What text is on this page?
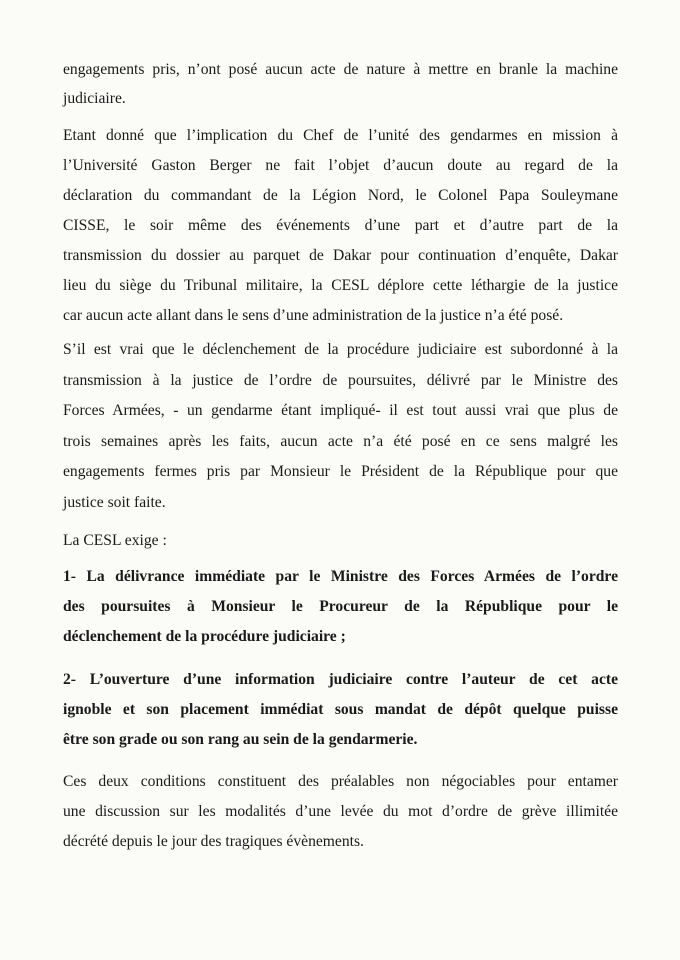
engagements pris, n’ont posé aucun acte de nature à mettre en branle la machine
judiciaire.

Etant donné que l’implication du Chef de l’unité des gendarmes en mission à
l’Université Gaston Berger ne fait l’objet d’aucun doute au regard de la
déclaration du commandant de la Légion Nord, le Colonel Papa Souleymane
CISSE, le soir même des événements d’une part et d’autre part de la
transmission du dossier au parquet de Dakar pour continuation d’enquête, Dakar
lieu du siège du Tribunal militaire, la CESL déplore cette léthargie de la justice
car aucun acte allant dans le sens d’une administration de la justice n’a été posé.

S’il est vrai que le déclenchement de la procédure judiciaire est subordonné à la
transmission à la justice de l’ordre de poursuites, délivré par le Ministre des
Forces Armées, - un gendarme étant impliqué- il est tout aussi vrai que plus de
trois semaines après les faits, aucun acte n’a été posé en ce sens malgré les
engagements fermes pris par Monsieur le Président de la République pour que
justice soit faite.

La CESL exige :

1- La délivrance immédiate par le Ministre des Forces Armées de l’ordre
des poursuites à Monsieur le Procureur de la République pour le
déclenchement de la procédure judiciaire ;

2- L’ouverture d’une information judiciaire contre l’auteur de cet acte
ignoble et son placement immédiat sous mandat de dépôt quelque puisse
être son grade ou son rang au sein de la gendarmerie.

Ces deux conditions constituent des préalables non négociables pour entamer
une discussion sur les modalités d’une levée du mot d’ordre de grève illimitée
décrété depuis le jour des tragiques évènements.
